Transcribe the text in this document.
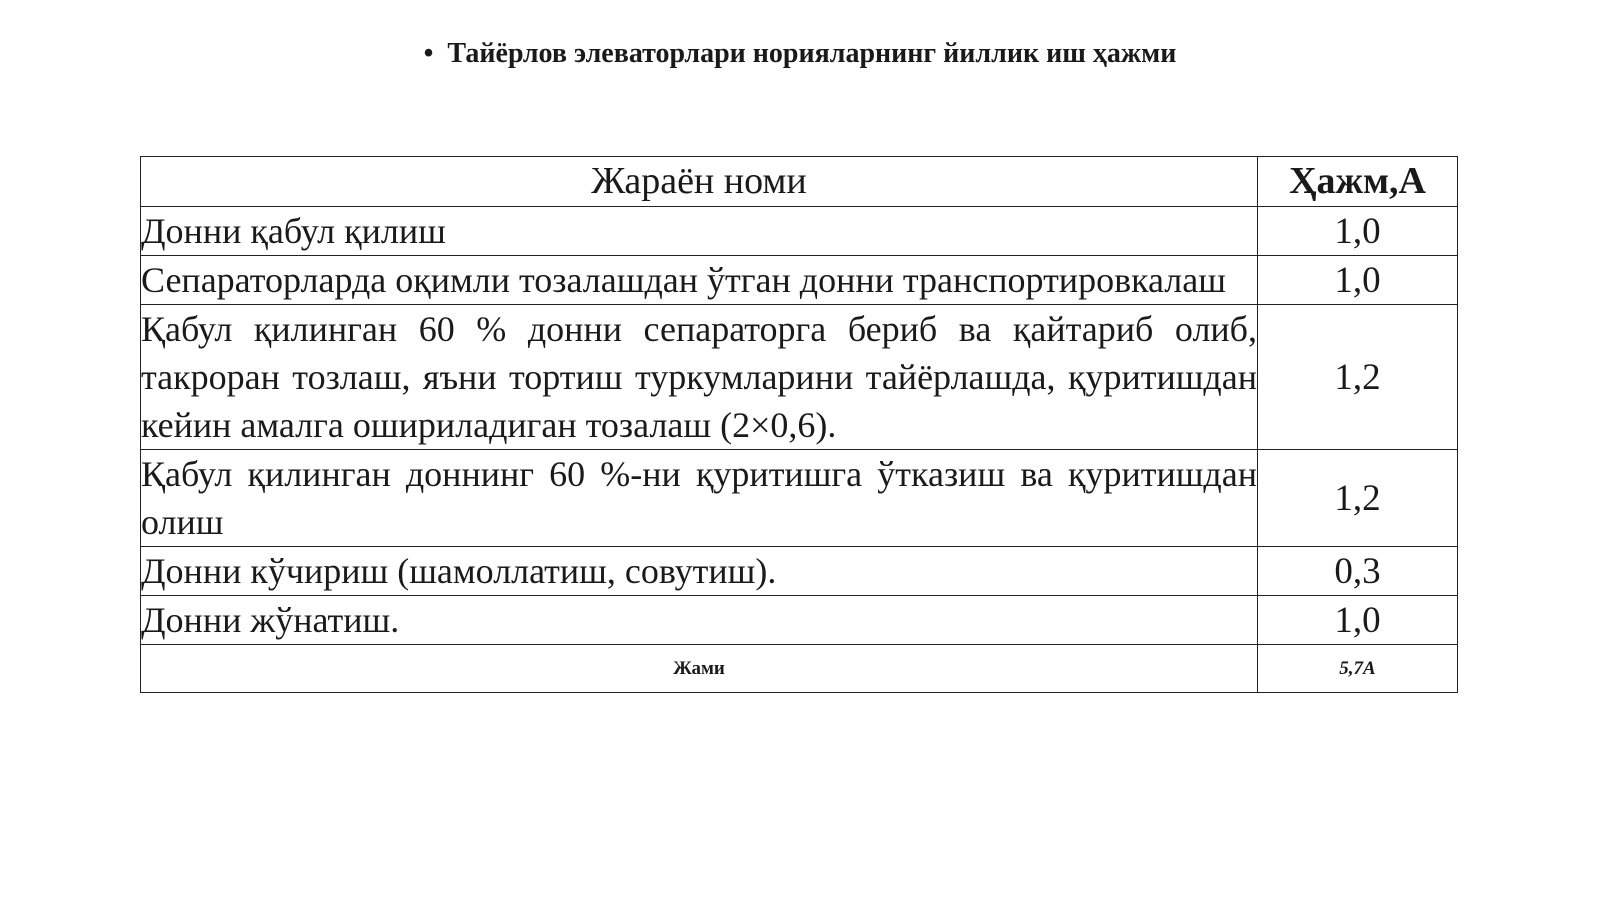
• Тайёрлов элеваторлари норияларнинг йиллик иш ҳажми
Жараён номи	Ҳажм,А
Донни қабул қилиш	1,0
Сепараторларда оқимли тозалашдан ўтган донни транспортировкалаш	1,0
Қабул қилинган 60 % донни сепараторга бериб ва қайтариб олиб, такроран тозлаш, яъни тортиш туркумларини тайёрлашда, қуритишдан кейин амалга ошириладиган тозалаш (2×0,6).	1,2
Қабул қилинган доннинг 60 %-ни қуритишга ўтказиш ва қуритишдан олиш	1,2
Донни кўчириш (шамоллатиш, совутиш).	0,3
Донни жўнатиш.	1,0
Жами	5,7А
